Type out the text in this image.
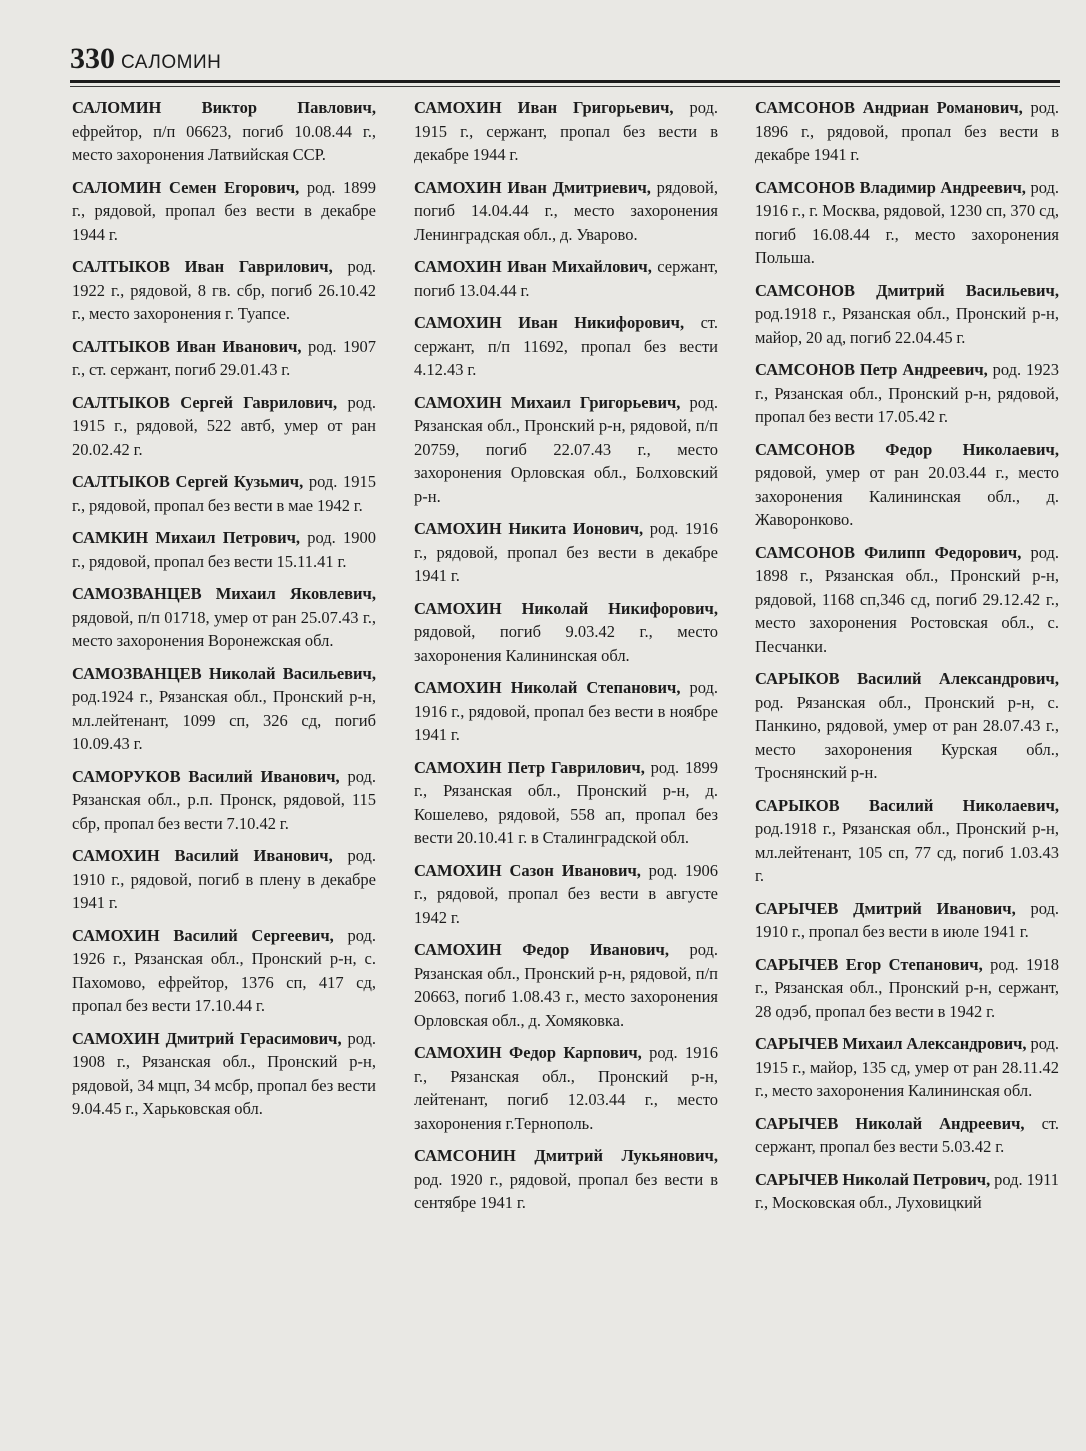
330 САЛОМИН

САЛОМИН Виктор Павлович, ефрейтор, п/п 06623, погиб 10.08.44 г., место захоронения Латвийская ССР.

САЛОМИН Семен Егорович, род. 1899 г., рядовой, пропал без вести в декабре 1944 г.

САЛТЫКОВ Иван Гаврилович, род. 1922 г., рядовой, 8 гв. сбр, погиб 26.10.42 г., место захоронения г. Туапсе.

САЛТЫКОВ Иван Иванович, род. 1907 г., ст. сержант, погиб 29.01.43 г.

САЛТЫКОВ Сергей Гаврилович, род. 1915 г., рядовой, 522 автб, умер от ран 20.02.42 г.

САЛТЫКОВ Сергей Кузьмич, род. 1915 г., рядовой, пропал без вести в мае 1942 г.

САМКИН Михаил Петрович, род. 1900 г., рядовой, пропал без вести 15.11.41 г.

САМОЗВАНЦЕВ Михаил Яковлевич, рядовой, п/п 01718, умер от ран 25.07.43 г., место захоронения Воронежская обл.

САМОЗВАНЦЕВ Николай Васильевич, род.1924 г., Рязанская обл., Пронский р-н, мл.лейтенант, 1099 сп, 326 сд, погиб 10.09.43 г.

САМОРУКОВ Василий Иванович, род. Рязанская обл., р.п. Пронск, рядовой, 115 сбр, пропал без вести 7.10.42 г.

САМОХИН Василий Иванович, род. 1910 г., рядовой, погиб в плену в декабре 1941 г.

САМОХИН Василий Сергеевич, род. 1926 г., Рязанская обл., Пронский р-н, с. Пахомово, ефрейтор, 1376 сп, 417 сд, пропал без вести 17.10.44 г.

САМОХИН Дмитрий Герасимович, род. 1908 г., Рязанская обл., Пронский р-н, рядовой, 34 мцп, 34 мсбр, пропал без вести 9.04.45 г., Харьковская обл.

САМОХИН Иван Григорьевич, род. 1915 г., сержант, пропал без вести в декабре 1944 г.

САМОХИН Иван Дмитриевич, рядовой, погиб 14.04.44 г., место захоронения Ленинградская обл., д. Уварово.

САМОХИН Иван Михайлович, сержант, погиб 13.04.44 г.

САМОХИН Иван Никифорович, ст. сержант, п/п 11692, пропал без вести 4.12.43 г.

САМОХИН Михаил Григорьевич, род. Рязанская обл., Пронский р-н, рядовой, п/п 20759, погиб 22.07.43 г., место захоронения Орловская обл., Болховский р-н.

САМОХИН Никита Ионович, род. 1916 г., рядовой, пропал без вести в декабре 1941 г.

САМОХИН Николай Никифорович, рядовой, погиб 9.03.42 г., место захоронения Калининская обл.

САМОХИН Николай Степанович, род. 1916 г., рядовой, пропал без вести в ноябре 1941 г.

САМОХИН Петр Гаврилович, род. 1899 г., Рязанская обл., Пронский р-н, д. Кошелево, рядовой, 558 ап, пропал без вести 20.10.41 г. в Сталинградской обл.

САМОХИН Сазон Иванович, род. 1906 г., рядовой, пропал без вести в августе 1942 г.

САМОХИН Федор Иванович, род. Рязанская обл., Пронский р-н, рядовой, п/п 20663, погиб 1.08.43 г., место захоронения Орловская обл., д. Хомяковка.

САМОХИН Федор Карпович, род. 1916 г., Рязанская обл., Пронский р-н, лейтенант, погиб 12.03.44 г., место захоронения г.Тернополь.

САМСОНИН Дмитрий Лукьянович, род. 1920 г., рядовой, пропал без вести в сентябре 1941 г.

САМСОНОВ Андриан Романович, род. 1896 г., рядовой, пропал без вести в декабре 1941 г.

САМСОНОВ Владимир Андреевич, род. 1916 г., г. Москва, рядовой, 1230 сп, 370 сд, погиб 16.08.44 г., место захоронения Польша.

САМСОНОВ Дмитрий Васильевич, род.1918 г., Рязанская обл., Пронский р-н, майор, 20 ад, погиб 22.04.45 г.

САМСОНОВ Петр Андреевич, род. 1923 г., Рязанская обл., Пронский р-н, рядовой, пропал без вести 17.05.42 г.

САМСОНОВ Федор Николаевич, рядовой, умер от ран 20.03.44 г., место захоронения Калининская обл., д. Жаворонково.

САМСОНОВ Филипп Федорович, род. 1898 г., Рязанская обл., Пронский р-н, рядовой, 1168 сп,346 сд, погиб 29.12.42 г., место захоронения Ростовская обл., с. Песчанки.

САРЫКОВ Василий Александрович, род. Рязанская обл., Пронский р-н, с. Панкино, рядовой, умер от ран 28.07.43 г., место захоронения Курская обл., Троснянский р-н.

САРЫКОВ Василий Николаевич, род.1918 г., Рязанская обл., Пронский р-н, мл.лейтенант, 105 сп, 77 сд, погиб 1.03.43 г.

САРЫЧЕВ Дмитрий Иванович, род. 1910 г., пропал без вести в июле 1941 г.

САРЫЧЕВ Егор Степанович, род. 1918 г., Рязанская обл., Пронский р-н, сержант, 28 одэб, пропал без вести в 1942 г.

САРЫЧЕВ Михаил Александрович, род. 1915 г., майор, 135 сд, умер от ран 28.11.42 г., место захоронения Калининская обл.

САРЫЧЕВ Николай Андреевич, ст. сержант, пропал без вести 5.03.42 г.

САРЫЧЕВ Николай Петрович, род. 1911 г., Московская обл., Луховицкий
